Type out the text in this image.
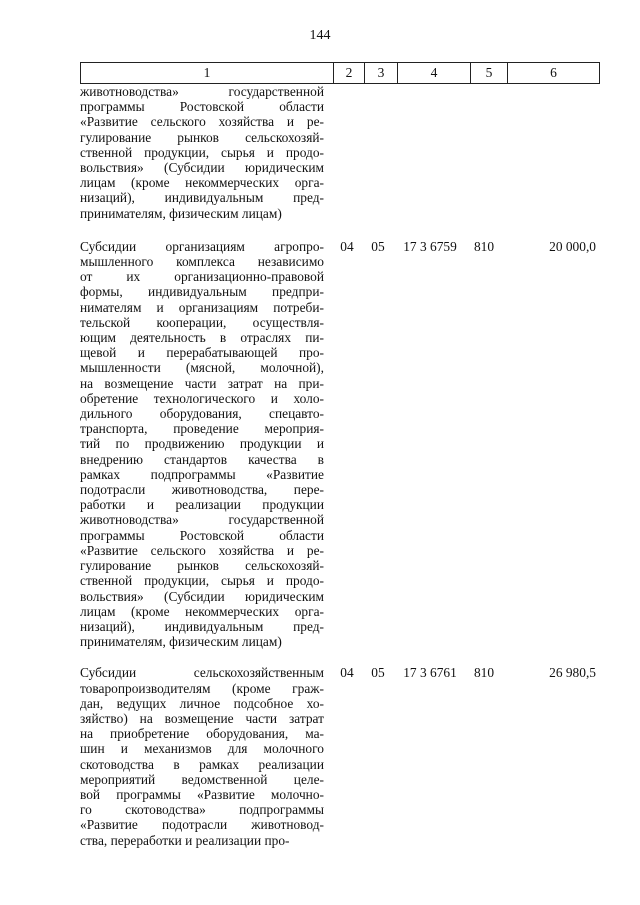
144
1	2	3	4	5	6
животноводства» государственной
программы Ростовской области
«Развитие сельского хозяйства и ре-
гулирование рынков сельскохозяй-
ственной продукции, сырья и продо-
вольствия» (Субсидии юридическим
лицам (кроме некоммерческих орга-
низаций), индивидуальным пред-
принимателям, физическим лицам)
Субсидии организациям агропро-
мышленного комплекса независимо
от их организационно-правовой
формы, индивидуальным предпри-
нимателям и организациям потреби-
тельской кооперации, осуществля-
ющим деятельность в отраслях пи-
щевой и перерабатывающей про-
мышленности (мясной, молочной),
на возмещение части затрат на при-
обретение технологического и холо-
дильного оборудования, спецавто-
транспорта, проведение мероприя-
тий по продвижению продукции и
внедрению стандартов качества в
рамках подпрограммы «Развитие
подотрасли животноводства, пере-
работки и реализации продукции
животноводства» государственной
программы Ростовской области
«Развитие сельского хозяйства и ре-
гулирование рынков сельскохозяй-
ственной продукции, сырья и продо-
вольствия» (Субсидии юридическим
лицам (кроме некоммерческих орга-
низаций), индивидуальным пред-
принимателям, физическим лицам)
04	05	17 3 6759	810	20 000,0
Субсидии сельскохозяйственным
товаропроизводителям (кроме граж-
дан, ведущих личное подсобное хо-
зяйство) на возмещение части затрат
на приобретение оборудования, ма-
шин и механизмов для молочного
скотоводства в рамках реализации
мероприятий ведомственной целе-
вой программы «Развитие молочно-
го скотоводства» подпрограммы
«Развитие подотрасли животновод-
ства, переработки и реализации про-
04	05	17 3 6761	810	26 980,5
